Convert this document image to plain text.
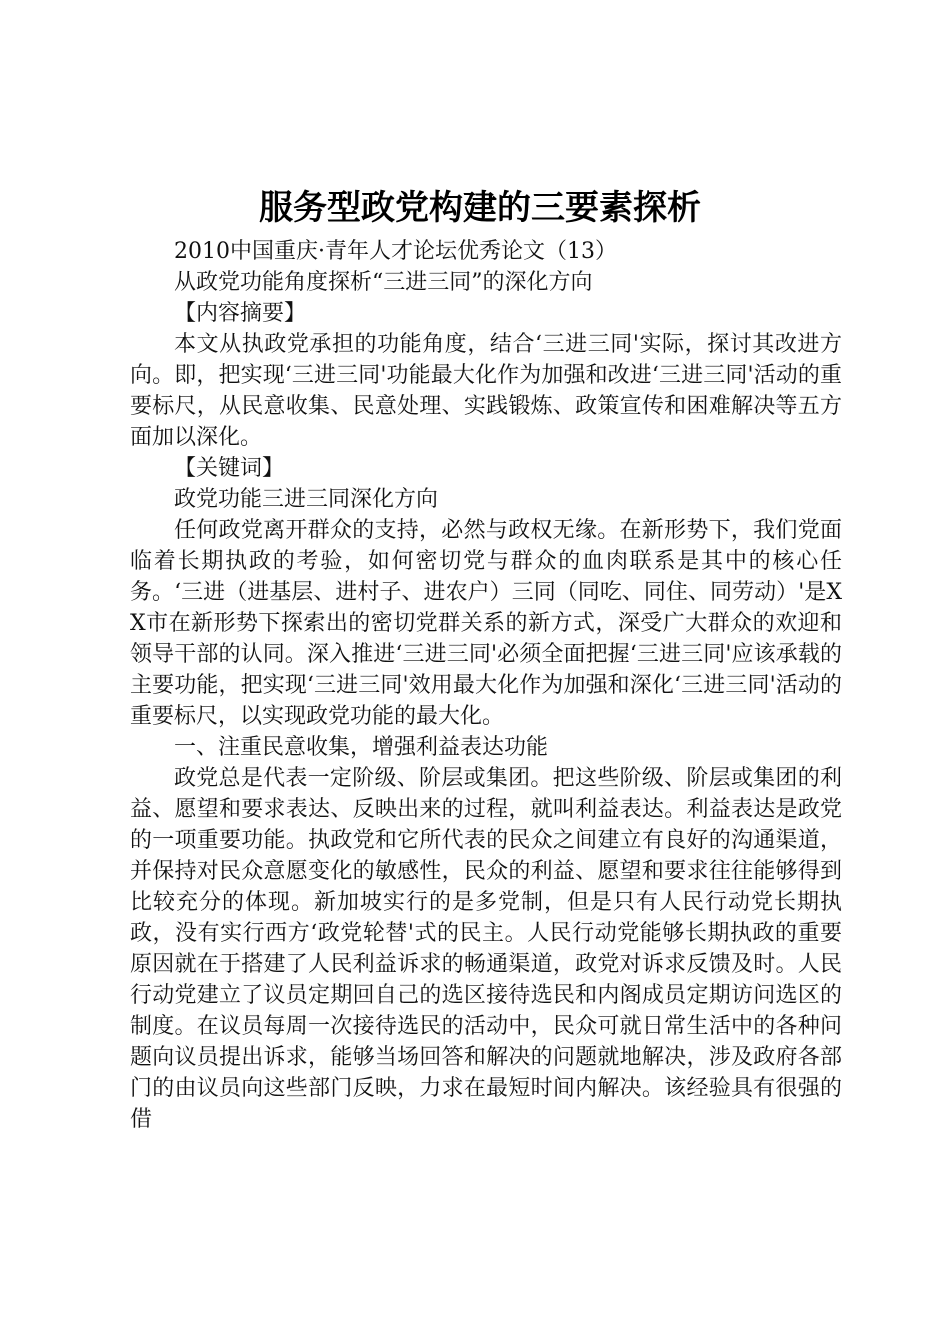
服务型政党构建的三要素探析

2010中国重庆·青年人才论坛优秀论文（13）

从政党功能角度探析“三进三同”的深化方向

【内容摘要】

本文从执政党承担的功能角度，结合‘三进三同'实际，探讨其改进方向。即，把实现‘三进三同'功能最大化作为加强和改进‘三进三同'活动的重要标尺，从民意收集、民意处理、实践锻炼、政策宣传和困难解决等五方面加以深化。

【关键词】

政党功能三进三同深化方向

任何政党离开群众的支持，必然与政权无缘。在新形势下，我们党面临着长期执政的考验，如何密切党与群众的血肉联系是其中的核心任务。‘三进（进基层、进村子、进农户）三同（同吃、同住、同劳动）'是XX市在新形势下探索出的密切党群关系的新方式，深受广大群众的欢迎和领导干部的认同。深入推进‘三进三同'必须全面把握‘三进三同'应该承载的主要功能，把实现‘三进三同'效用最大化作为加强和深化‘三进三同'活动的重要标尺，以实现政党功能的最大化。

一、注重民意收集，增强利益表达功能

政党总是代表一定阶级、阶层或集团。把这些阶级、阶层或集团的利益、愿望和要求表达、反映出来的过程，就叫利益表达。利益表达是政党的一项重要功能。执政党和它所代表的民众之间建立有良好的沟通渠道，并保持对民众意愿变化的敏感性，民众的利益、愿望和要求往往能够得到比较充分的体现。新加坡实行的是多党制，但是只有人民行动党长期执政，没有实行西方‘政党轮替'式的民主。人民行动党能够长期执政的重要原因就在于搭建了人民利益诉求的畅通渠道，政党对诉求反馈及时。人民行动党建立了议员定期回自己的选区接待选民和内阁成员定期访问选区的制度。在议员每周一次接待选民的活动中，民众可就日常生活中的各种问题向议员提出诉求，能够当场回答和解决的问题就地解决，涉及政府各部门的由议员向这些部门反映，力求在最短时间内解决。该经验具有很强的借
